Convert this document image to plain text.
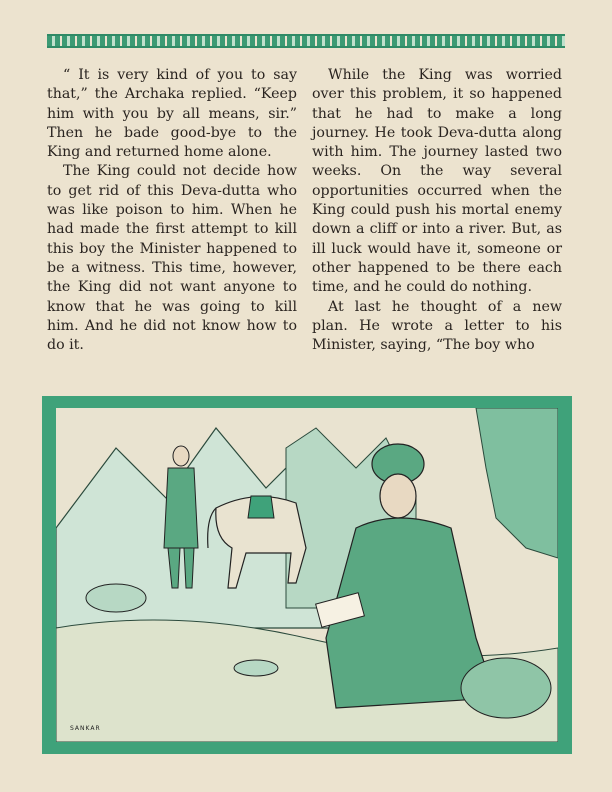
“ It is very kind of you to say that,” the Archaka replied. “Keep him with you by all means, sir.” Then he bade good-bye to the King and returned home alone.

The King could not decide how to get rid of this Deva-dutta who was like poison to him. When he had made the first attempt to kill this boy the Minister happened to be a witness. This time, however, the King did not want anyone to know that he was going to kill him. And he did not know how to do it.

While the King was worried over this problem, it so happened that he had to make a long journey. He took Deva-dutta along with him. The journey lasted two weeks. On the way several opportunities occurred when the King could push his mortal enemy down a cliff or into a river. But, as ill luck would have it, someone or other happened to be there each time, and he could do nothing.

At last he thought of a new plan. He wrote a letter to his Minister, saying, “The boy who

SANKAR
